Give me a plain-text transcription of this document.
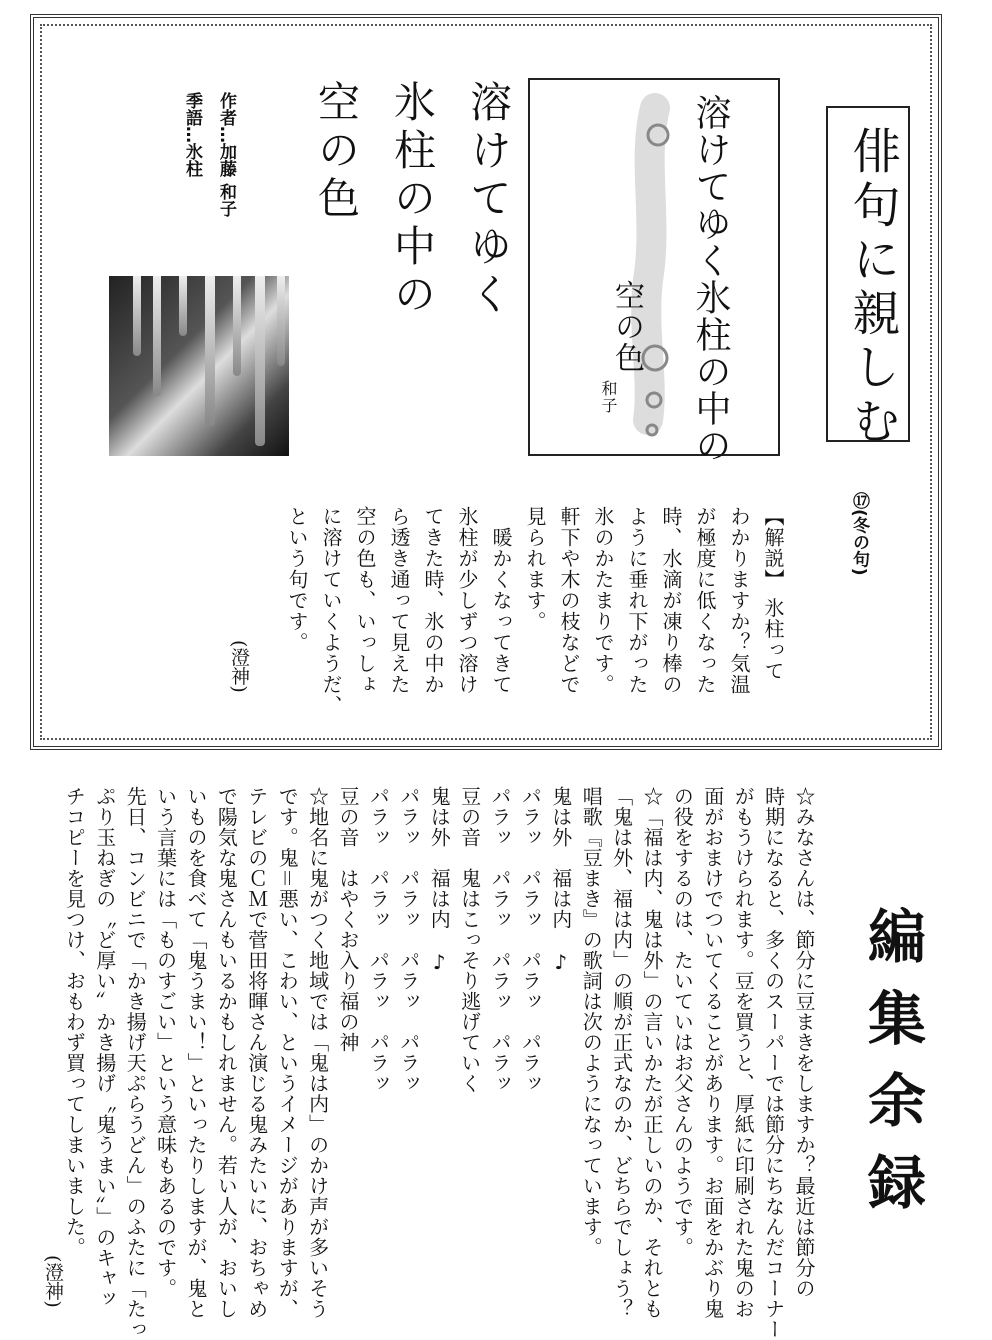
俳句に親しむ
溶けてゆく氷柱の中の
空の色
和子
溶けてゆく
氷柱の中の
空の色
作者…加藤 和子
季語…氷柱
⑰(冬の句)
【解説】 氷柱って
わかりますか？気温
が極度に低くなった
時、水滴が凍り棒の
ように垂れ下がった
氷のかたまりです。
軒下や木の枝などで
見られます。
　暖かくなってきて
氷柱が少しずつ溶け
てきた時、氷の中か
ら透き通って見えた
空の色も、いっしょ
に溶けていくようだ、
という句です。
(澄神)
編集余録
☆みなさんは、節分に豆まきをしますか？最近は節分の
時期になると、多くのスーパーでは節分にちなんだコーナー
がもうけられます。豆を買うと、厚紙に印刷された鬼のお
面がおまけでついてくることがあります。お面をかぶり鬼
の役をするのは、たいていはお父さんのようです。
☆「福は内、鬼は外」の言いかたが正しいのか、それとも
「鬼は外、福は内」の順が正式なのか、どちらでしょう？
唱歌『豆まき』の歌詞は次のようになっています。
鬼は外　福は内　♪
パラッ　パラッ　パラッ　パラッ
パラッ　パラッ　パラッ　パラッ
豆の音　鬼はこっそり逃げていく
鬼は外　福は内　♪
パラッ　パラッ　パラッ　パラッ
パラッ　パラッ　パラッ　パラッ
豆の音　はやくお入り福の神
☆地名に鬼がつく地域では「鬼は内」のかけ声が多いそう
です。鬼＝悪い、こわい、というイメージがありますが、
テレビのＣＭで菅田将暉さん演じる鬼みたいに、おちゃめ
で陽気な鬼さんもいるかもしれません。若い人が、おいし
いものを食べて「鬼うまい！」といったりしますが、鬼と
いう言葉には「ものすごい」という意味もあるのです。
先日、コンビニで「かき揚げ天ぷらうどん」のふたに「たっ
ぷり玉ねぎの〝ど厚い〟かき揚げ〝鬼うまい〟」のキャッ
チコピーを見つけ、おもわず買ってしまいました。
(澄神)
